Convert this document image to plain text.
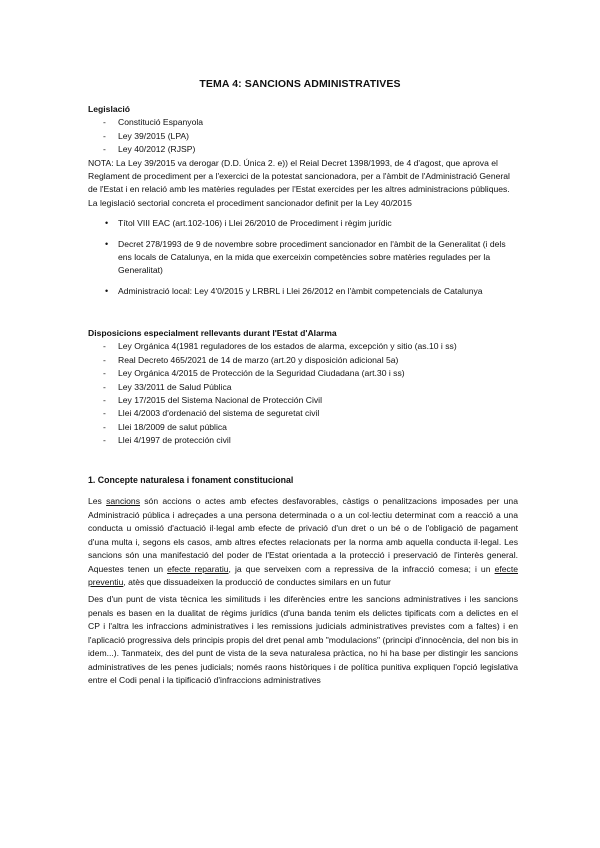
TEMA 4: SANCIONS ADMINISTRATIVES
Legislació
- Constitució Espanyola
- Ley 39/2015 (LPA)
- Ley 40/2012 (RJSP)

NOTA: La Ley 39/2015 va derogar (D.D. Única 2. e)) el Reial Decret 1398/1993, de 4 d'agost, que aprova el Reglament de procediment per a l'exercici de la potestat sancionadora, per a l'àmbit de l'Administració General de l'Estat i en relació amb les matèries regulades per l'Estat exercides per les altres administracions públiques. La legislació sectorial concreta el procediment sancionador definit per la Ley 40/2015

• Títol VIII EAC (art.102-106) i Llei 26/2010 de Procediment i règim jurídic
• Decret 278/1993 de 9 de novembre sobre procediment sancionador en l'àmbit de la Generalitat (i dels ens locals de Catalunya, en la mida que exerceixin competències sobre matèries regulades per la Generalitat)
• Administració local: Ley 4'0/2015 y LRBRL i Llei 26/2012 en l'àmbit competencials de Catalunya
Disposicions especialment rellevants durant l'Estat d'Alarma
- Ley Orgánica 4(1981 reguladores de los estados de alarma, excepción y sitio (as.10 i ss)
- Real Decreto 465/2021 de 14 de marzo (art.20 y disposición adicional 5a)
- Ley Orgánica 4/2015 de Protección de la Seguridad Ciudadana (art.30 i ss)
- Ley 33/2011 de Salud Pública
- Ley 17/2015 del Sistema Nacional de Protección Civil
- Llei 4/2003 d'ordenació del sistema de seguretat civil
- Llei 18/2009 de salut pública
- Llei 4/1997 de protección civil
1. Concepte naturalesa i fonament constitucional

Les sancions són accions o actes amb efectes desfavorables, càstigs o penalitzacions imposades per una Administració pública i adreçades a una persona determinada o a un col·lectiu determinat com a reacció a una conducta u omissió d'actuació il·legal amb efecte de privació d'un dret o un bé o de l'obligació de pagament d'una multa i, segons els casos, amb altres efectes relacionats per la norma amb aquella conducta il·legal. Les sancions són una manifestació del poder de l'Estat orientada a la protecció i preservació de l'interès general. Aquestes tenen un efecte reparatiu, ja que serveixen com a repressiva de la infracció comesa; i un efecte preventiu, atès que dissuadeixen la producció de conductes similars en un futur

Des d'un punt de vista tècnica les similituds i les diferències entre les sancions administratives i les sancions penals es basen en la dualitat de règims jurídics (d'una banda tenim els delictes tipificats com a delictes en el CP i l'altra les infraccions administratives i les remissions judicials administratives previstes com a faltes) i en l'aplicació progressiva dels principis propis del dret penal amb "modulacions" (principi d'innocència, del non bis in idem...). Tanmateix, des del punt de vista de la seva naturalesa pràctica, no hi ha base per distingir les sancions administratives de les penes judicials; només raons històriques i de política punitiva expliquen l'opció legislativa entre el Codi penal i la tipificació d'infraccions administratives
